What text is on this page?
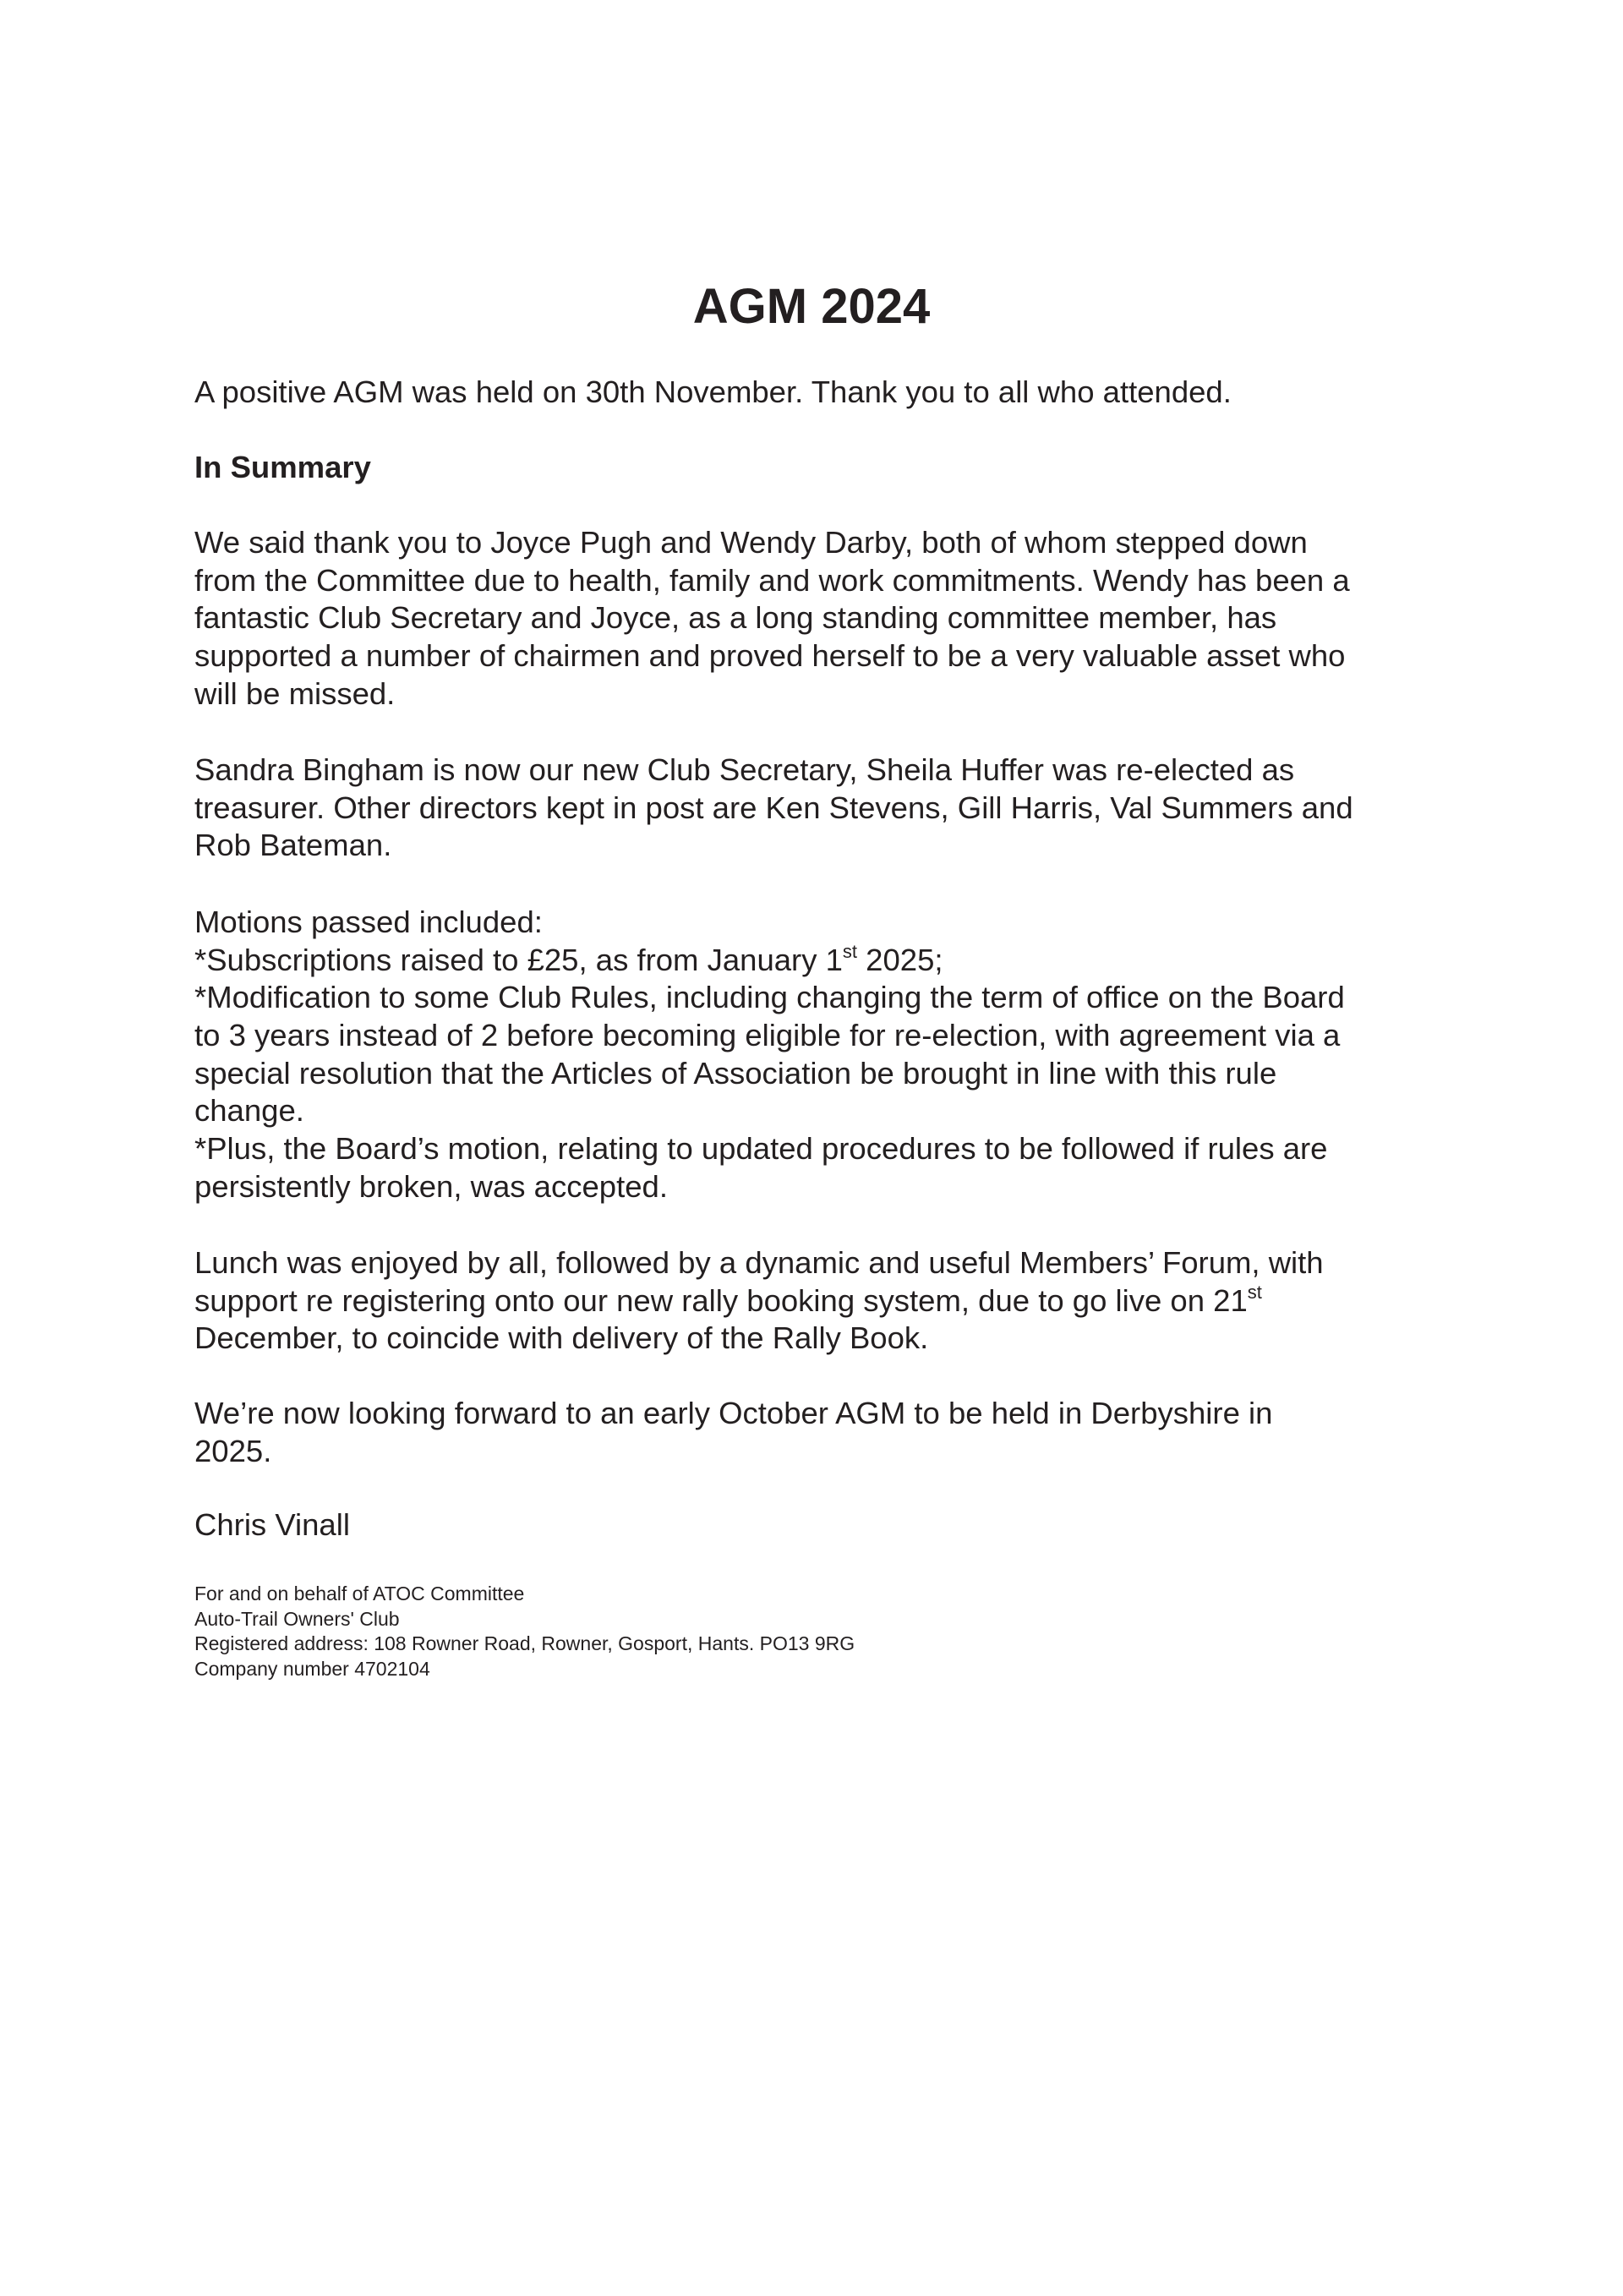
AGM 2024
A positive AGM was held on 30th November. Thank you to all who attended.
In Summary
We said thank you to Joyce Pugh and Wendy Darby, both of whom stepped down
from the Committee due to health, family and work commitments. Wendy has been a
fantastic Club Secretary and Joyce, as a long standing committee member, has
supported a number of chairmen and proved herself to be a very valuable asset who
will be missed.
Sandra Bingham is now our new Club Secretary, Sheila Huffer was re-elected as
treasurer. Other directors kept in post are Ken Stevens, Gill Harris, Val Summers and
Rob Bateman.
Motions passed included:
*Subscriptions raised to £25, as from January 1st 2025;
*Modification to some Club Rules, including changing the term of office on the Board
to 3 years instead of 2 before becoming eligible for re-election, with agreement via a
special resolution that the Articles of Association be brought in line with this rule
change.
*Plus, the Board’s motion, relating to updated procedures to be followed if rules are
persistently broken, was accepted.
Lunch was enjoyed by all, followed by a dynamic and useful Members’ Forum, with
support re registering onto our new rally booking system, due to go live on 21st
December, to coincide with delivery of the Rally Book.
We’re now looking forward to an early October AGM to be held in Derbyshire in
2025.
Chris Vinall
For and on behalf of ATOC Committee
Auto-Trail Owners' Club
Registered address: 108 Rowner Road, Rowner, Gosport, Hants. PO13 9RG
Company number 4702104
